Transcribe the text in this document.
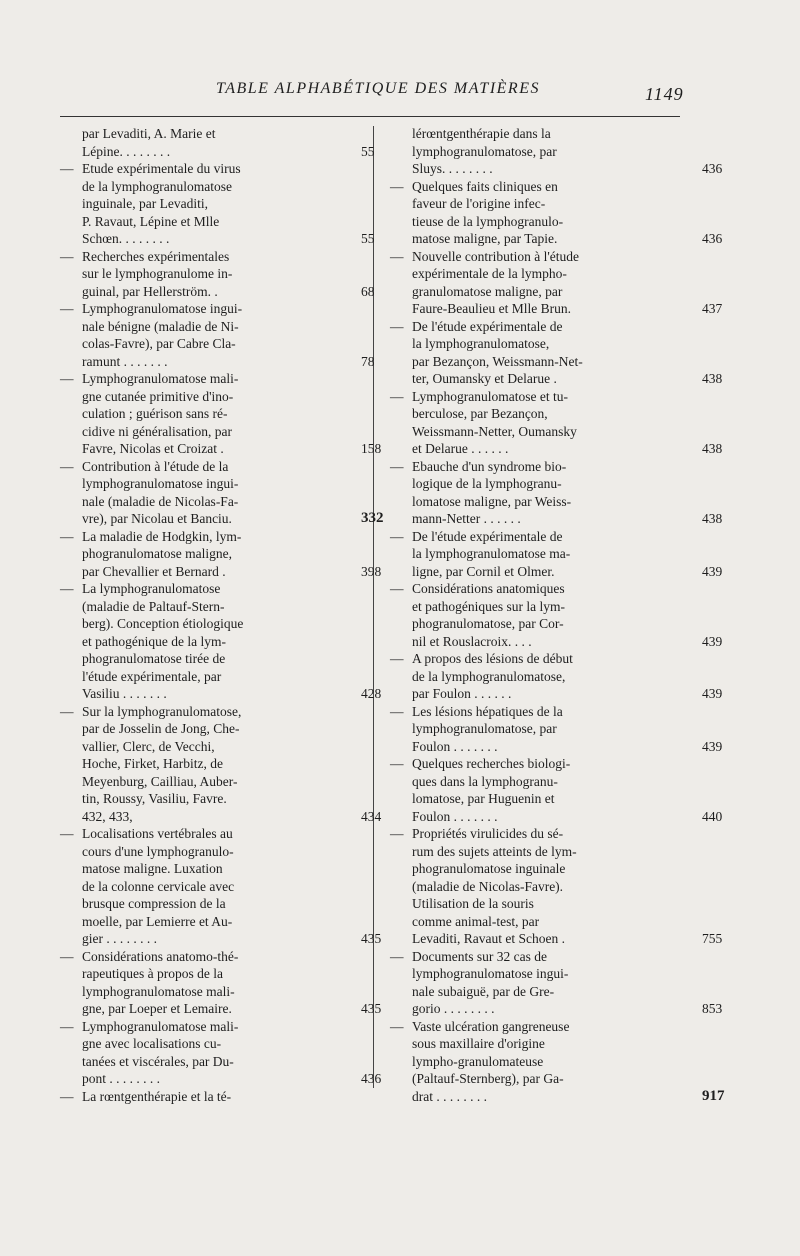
TABLE ALPHABÉTIQUE DES MATIÈRES	1149
par Levaditi, A. Marie et
Lépine. . . . . . . .	55
— Etude expérimentale du virus
de la lymphogranulomatose
inguinale, par Levaditi,
P. Ravaut, Lépine et Mlle
Schœn. . . . . . . .	55
— Recherches expérimentales
sur le lymphogranulome in-
guinal, par Hellerström. .	68
— Lymphogranulomatose ingui-
nale bénigne (maladie de Ni-
colas-Favre), par Cabre Cla-
ramunt . . . . . . .	78
— Lymphogranulomatose mali-
gne cutanée primitive d'ino-
culation ; guérison sans ré-
cidive ni généralisation, par
Favre, Nicolas et Croizat .	158
— Contribution à l'étude de la
lymphogranulomatose ingui-
nale (maladie de Nicolas-Fa-
vre), par Nicolau et Banciu.	332
— La maladie de Hodgkin, lym-
phogranulomatose maligne,
par Chevallier et Bernard .	398
— La lymphogranulomatose
(maladie de Paltauf-Stern-
berg). Conception étiologique
et pathogénique de la lym-
phogranulomatose tirée de
l'étude expérimentale, par
Vasiliu . . . . . . .	428
— Sur la lymphogranulomatose,
par de Josselin de Jong, Che-
vallier, Clerc, de Vecchi,
Hoche, Firket, Harbitz, de
Meyenburg, Cailliau, Auber-
tin, Roussy, Vasiliu, Favre.
432, 433,	434
— Localisations vertébrales au
cours d'une lymphogranulo-
matose maligne. Luxation
de la colonne cervicale avec
brusque compression de la
moelle, par Lemierre et Au-
gier . . . . . . . .	435
— Considérations anatomo-thé-
rapeutiques à propos de la
lymphogranulomatose mali-
gne, par Loeper et Lemaire.	435
— Lymphogranulomatose mali-
gne avec localisations cu-
tanées et viscérales, par Du-
pont . . . . . . . .	436
— La rœntgenthérapie et la té-
lérœntgenthérapie dans la
lymphogranulomatose, par
Sluys. . . . . . . .	436
— Quelques faits cliniques en
faveur de l'origine infec-
tieuse de la lymphogranulo-
matose maligne, par Tapie.	436
— Nouvelle contribution à l'étude
expérimentale de la lympho-
granulomatose maligne, par
Faure-Beaulieu et Mlle Brun.	437
— De l'étude expérimentale de
la lymphogranulomatose,
par Bezançon, Weissmann-Net-
ter, Oumansky et Delarue .	438
— Lymphogranulomatose et tu-
berculose, par Bezançon,
Weissmann-Netter, Oumansky
et Delarue . . . . . .	438
— Ebauche d'un syndrome bio-
logique de la lymphogranu-
lomatose maligne, par Weiss-
mann-Netter . . . . . .	438
— De l'étude expérimentale de
la lymphogranulomatose ma-
ligne, par Cornil et Olmer.	439
— Considérations anatomiques
et pathogéniques sur la lym-
phogranulomatose, par Cor-
nil et Rouslacroix. . . .	439
— A propos des lésions de début
de la lymphogranulomatose,
par Foulon . . . . . .	439
— Les lésions hépatiques de la
lymphogranulomatose, par
Foulon . . . . . . .	439
— Quelques recherches biologi-
ques dans la lymphogranu-
lomatose, par Huguenin et
Foulon . . . . . . .	440
— Propriétés virulicides du sé-
rum des sujets atteints de lym-
phogranulomatose inguinale
(maladie de Nicolas-Favre).
Utilisation de la souris
comme animal-test, par
Levaditi, Ravaut et Schoen .	755
— Documents sur 32 cas de
lymphogranulomatose ingui-
nale subaiguë, par de Gre-
gorio . . . . . . . .	853
— Vaste ulcération gangreneuse
sous maxillaire d'origine
lympho-granulomateuse
(Paltauf-Sternberg), par Ga-
drat . . . . . . . .	917
